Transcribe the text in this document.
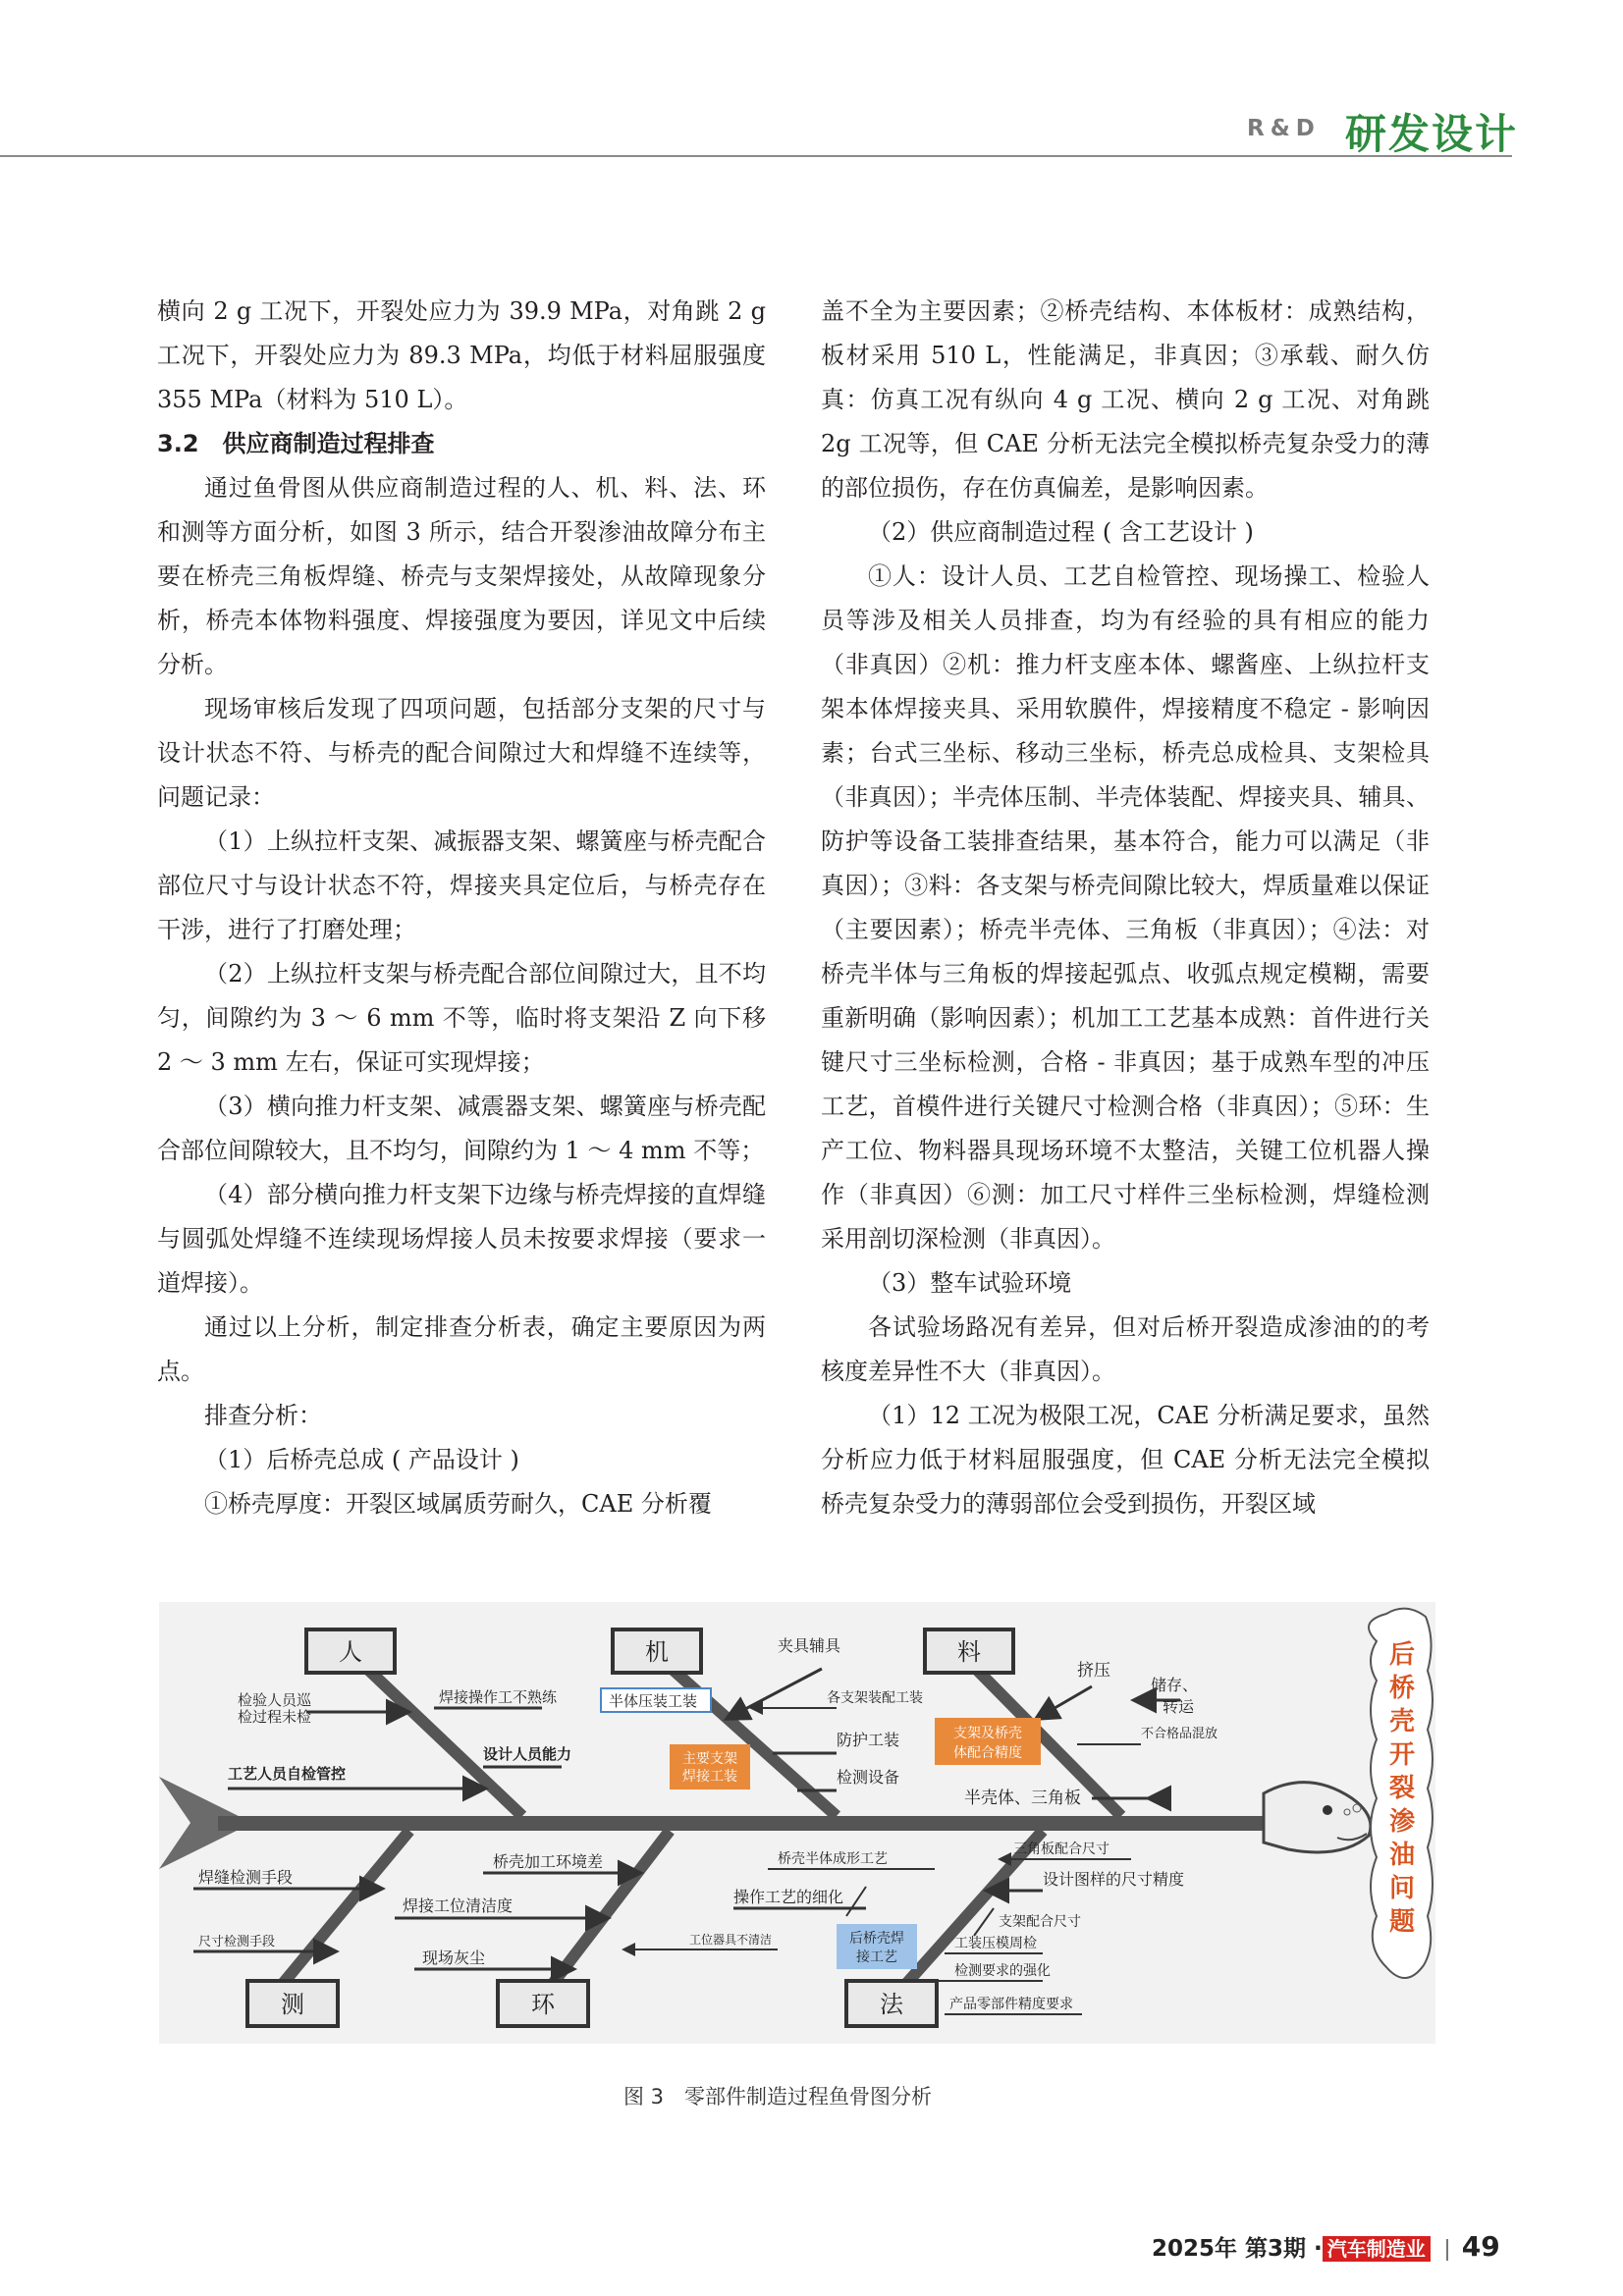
R&D 研发设计

横向 2 g 工况下，开裂处应力为 39.9 MPa，对角跳 2 g 工况下，开裂处应力为 89.3 MPa，均低于材料屈服强度 355 MPa（材料为 510 L）。

3.2　供应商制造过程排查

通过鱼骨图从供应商制造过程的人、机、料、法、环和测等方面分析，如图 3 所示，结合开裂渗油故障分布主要在桥壳三角板焊缝、桥壳与支架焊接处，从故障现象分析，桥壳本体物料强度、焊接强度为要因，详见文中后续分析。

现场审核后发现了四项问题，包括部分支架的尺寸与设计状态不符、与桥壳的配合间隙过大和焊缝不连续等，问题记录：

（1）上纵拉杆支架、减振器支架、螺簧座与桥壳配合部位尺寸与设计状态不符，焊接夹具定位后，与桥壳存在干涉，进行了打磨处理；

（2）上纵拉杆支架与桥壳配合部位间隙过大，且不均匀，间隙约为 3 ～ 6 mm 不等，临时将支架沿 Z 向下移 2 ～ 3 mm 左右，保证可实现焊接；

（3）横向推力杆支架、减震器支架、螺簧座与桥壳配合部位间隙较大，且不均匀，间隙约为 1 ～ 4 mm 不等；

（4）部分横向推力杆支架下边缘与桥壳焊接的直焊缝与圆弧处焊缝不连续现场焊接人员未按要求焊接（要求一道焊接）。

通过以上分析，制定排查分析表，确定主要原因为两点。

排查分析：

（1）后桥壳总成 ( 产品设计 )

①桥壳厚度：开裂区域属质劳耐久，CAE 分析覆

盖不全为主要因素；②桥壳结构、本体板材：成熟结构，板材采用 510 L，性能满足，非真因；③承载、耐久仿真：仿真工况有纵向 4 g 工况、横向 2 g 工况、对角跳 2g 工况等，但 CAE 分析无法完全模拟桥壳复杂受力的薄的部位损伤，存在仿真偏差，是影响因素。

（2）供应商制造过程 ( 含工艺设计 )

①人：设计人员、工艺自检管控、现场操工、检验人员等涉及相关人员排查，均为有经验的具有相应的能力（非真因）②机：推力杆支座本体、螺酱座、上纵拉杆支架本体焊接夹具、采用软膜件，焊接精度不稳定 - 影响因素；台式三坐标、移动三坐标，桥壳总成检具、支架检具（非真因）；半壳体压制、半壳体装配、焊接夹具、辅具、防护等设备工装排查结果，基本符合，能力可以满足（非真因）；③料：各支架与桥壳间隙比较大，焊质量难以保证（主要因素）；桥壳半壳体、三角板（非真因）；④法：对桥壳半体与三角板的焊接起弧点、收弧点规定模糊，需要重新明确（影响因素）；机加工工艺基本成熟：首件进行关键尺寸三坐标检测，合格 - 非真因；基于成熟车型的冲压工艺，首模件进行关键尺寸检测合格（非真因）；⑤环：生产工位、物料器具现场环境不太整洁，关键工位机器人操作（非真因）⑥测：加工尺寸样件三坐标检测，焊缝检测采用剖切深检测（非真因）。

（3）整车试验环境

各试验场路况有差异，但对后桥开裂造成渗油的的考核度差异性不大（非真因）。

（1）12 工况为极限工况，CAE 分析满足要求，虽然分析应力低于材料屈服强度，但 CAE 分析无法完全模拟桥壳复杂受力的薄弱部位会受到损伤，开裂区域

人	机	料
测	环	法
检验人员巡
检过程未检
焊接操作工不熟练
工艺人员自检管控
设计人员能力
夹具辅具
半体压装工装	各支架装配工装
主要支架
焊接工装
防护工装
检测设备
挤压
储存、
转运
不合格品混放
支架及桥壳
体配合精度
半壳体、三角板
焊缝检测手段
尺寸检测手段
桥壳加工环境差
焊接工位清洁度
现场灰尘
工位器具不清洁
桥壳半体成形工艺
操作工艺的细化
后桥壳焊
接工艺
三角板配合尺寸
设计图样的尺寸精度
支架配合尺寸
工装压模周检
检测要求的强化
产品零部件精度要求
后
桥
壳
开
裂
渗
油
问
题
图 3　零部件制造过程鱼骨图分析
2025年 第3期 · 汽车制造业 49
